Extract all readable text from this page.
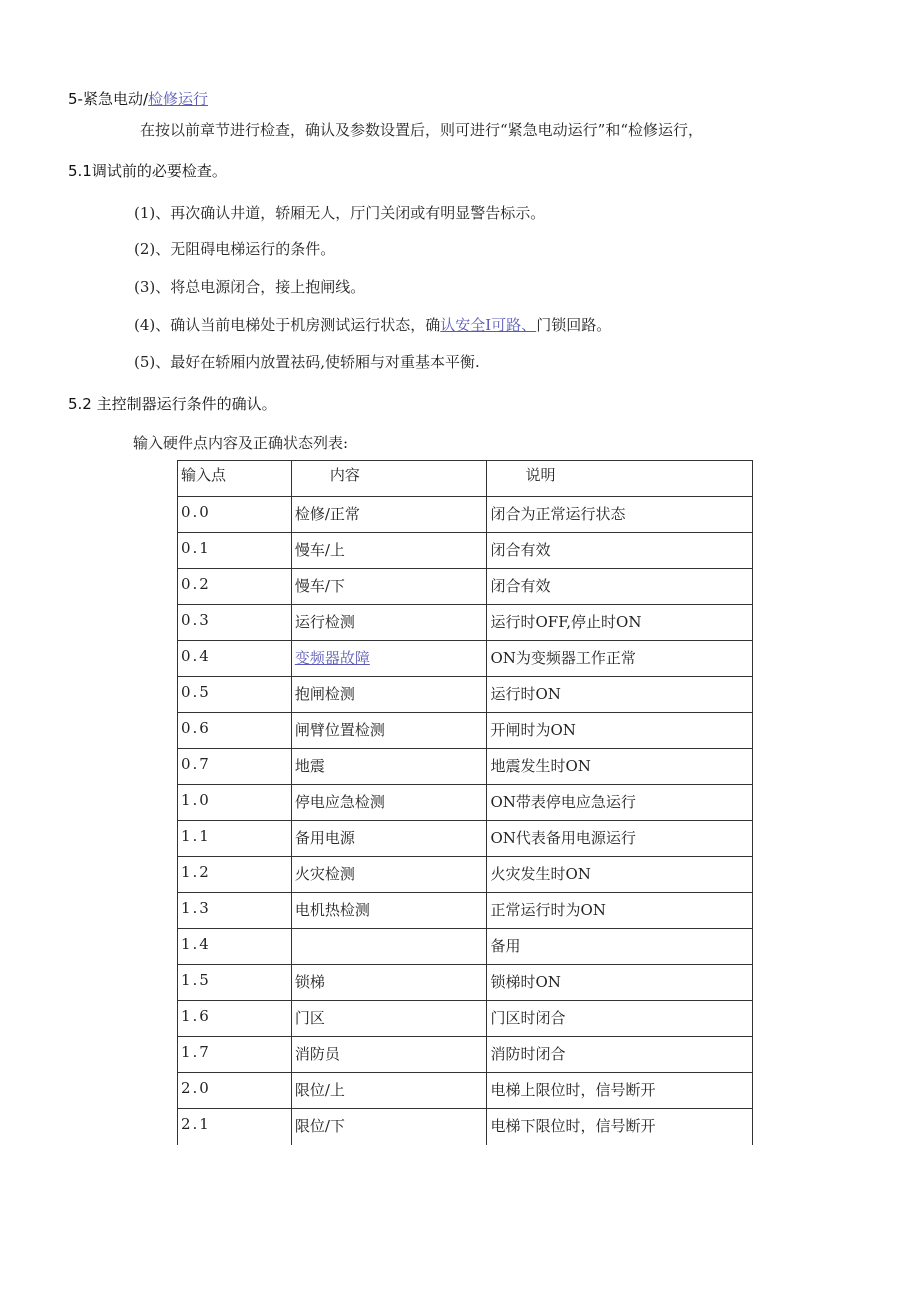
5-紧急电动/检修运行
在按以前章节进行检查，确认及参数设置后，则可进行“紧急电动运行”和“检修运行，
5.1调试前的必要检查。
(1)、再次确认井道，轿厢无人，厅门关闭或有明显警告标示。
(2)、无阻碍电梯运行的条件。
(3)、将总电源闭合，接上抱闸线。
(4)、确认当前电梯处于机房测试运行状态，确认安全I可路、门锁回路。
(5)、最好在轿厢内放置祛码,使轿厢与对重基本平衡.
5.2 主控制器运行条件的确认。
输入硬件点内容及正确状态列表:
输入点	内容	说明
0.0	检修/正常	闭合为正常运行状态
0.1	慢车/上	闭合有效
0.2	慢车/下	闭合有效
0.3	运行检测	运行时OFF,停止时ON
0.4	变频器故障	ON为变频器工作正常
0.5	抱闸检测	运行时ON
0.6	闸臂位置检测	开闸时为ON
0.7	地震	地震发生时ON
1.0	停电应急检测	ON带表停电应急运行
1.1	备用电源	ON代表备用电源运行
1.2	火灾检测	火灾发生时ON
1.3	电机热检测	正常运行时为ON
1.4		备用
1.5	锁梯	锁梯时ON
1.6	门区	门区时闭合
1.7	消防员	消防时闭合
2.0	限位/上	电梯上限位时，信号断开
2.1	限位/下	电梯下限位时，信号断开
